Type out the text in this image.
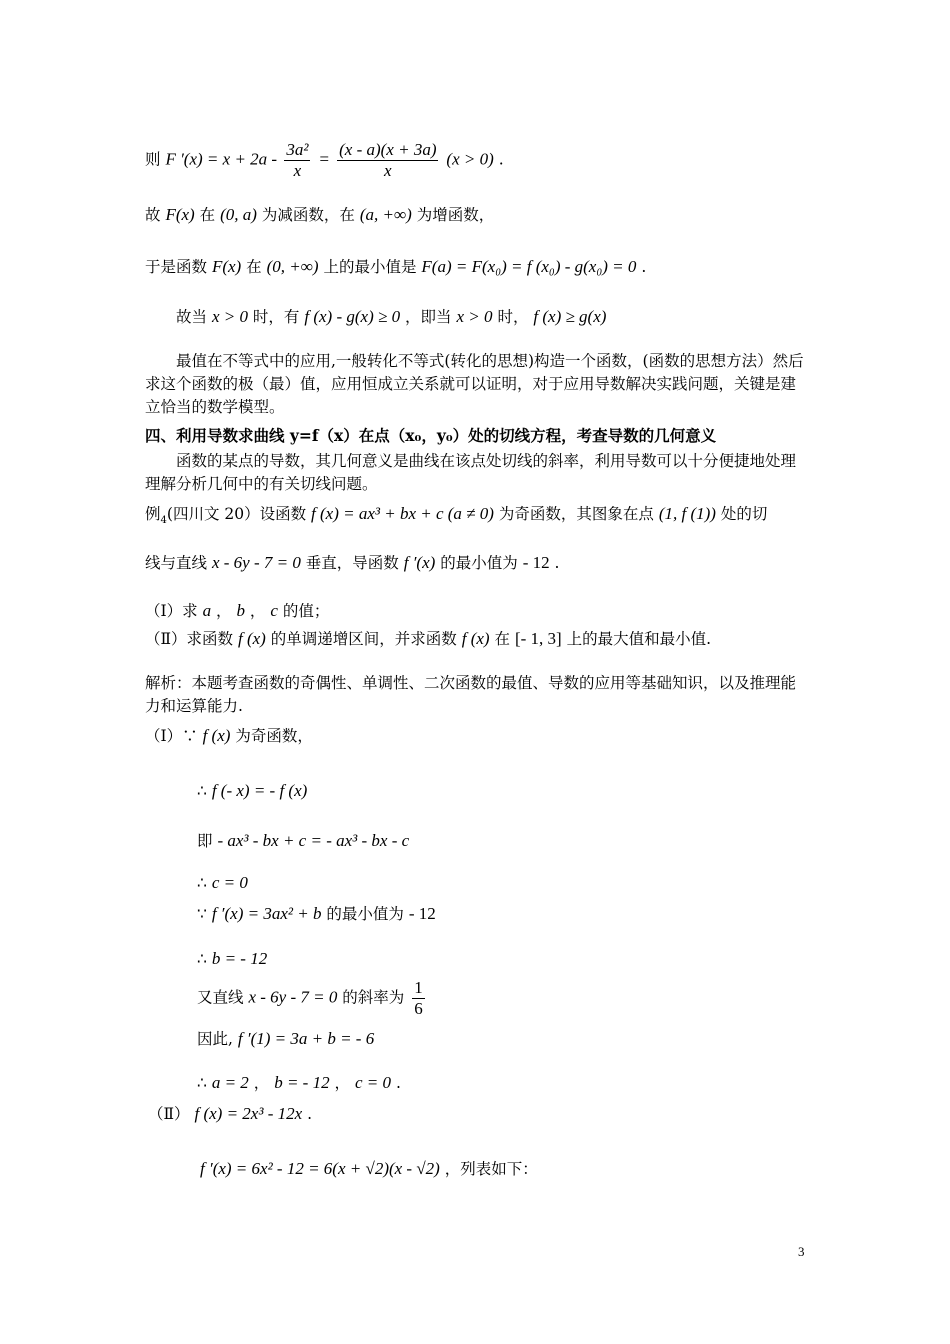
则 F $'(x) = x + 2a - \frac{\text{3a²}}{x} = \frac{(x - a)(x + 3a)}{x} (x > 0)$ .
故 F(x) 在 (0, a) 为减函数，在 (a, +∞) 为增函数，
于是函数 F(x) 在 (0, +∞) 上的最小值是 F(a) = F(x₀) = f (x₀) - g(x₀) = 0 .
故当 x > 0 时，有 f (x) - g(x) ≥ 0 ，即当 x > 0 时， f (x) ≥ g(x)
最值在不等式中的应用,一般转化不等式(转化的思想)构造一个函数，(函数的思想方法）然后求这个函数的极（最）值，应用恒成立关系就可以证明，对于应用导数解决实践问题，关键是建立恰当的数学模型。
四、利用导数求曲线 y=f（x）在点（x₀，y₀）处的切线方程，考查导数的几何意义
函数的某点的导数，其几何意义是曲线在该点处切线的斜率，利用导数可以十分便捷地处理理解分析几何中的有关切线问题。
例$_4$(四川文 20）设函数 f (x) = ax³ + bx + c (a ≠ 0) 为奇函数，其图象在点 (1, f (1)) 处的切
线与直线 x - 6y - 7 = 0 垂直，导函数 f ′(x) 的最小值为 - 12 .
（Ⅰ）求 a ， b ， c 的值；
（Ⅱ）求函数 f (x) 的单调递增区间，并求函数 f (x) 在 [- 1, 3] 上的最大值和最小值.
解析：本题考查函数的奇偶性、单调性、二次函数的最值、导数的应用等基础知识，以及推理能力和运算能力.
（Ⅰ）∵ f (x) 为奇函数，
∴ f (- x) = - f (x)
即 - ax³ - bx + c = - ax³ - bx - c
∴ c = 0
∵ f ′(x) = 3ax² + b 的最小值为 - 12
∴ b = - 12
又直线 x - 6y - 7 = 0 的斜率为 $\frac{1}{6}$
因此, f ′(1) = 3a + b = - 6
∴ a = 2 ， b = - 12 ， c = 0 .
（Ⅱ） f (x) = 2x³ - 12x .
f ′(x) = 6x² - 12 = 6(x + √2)(x - √2) ，列表如下：
3
